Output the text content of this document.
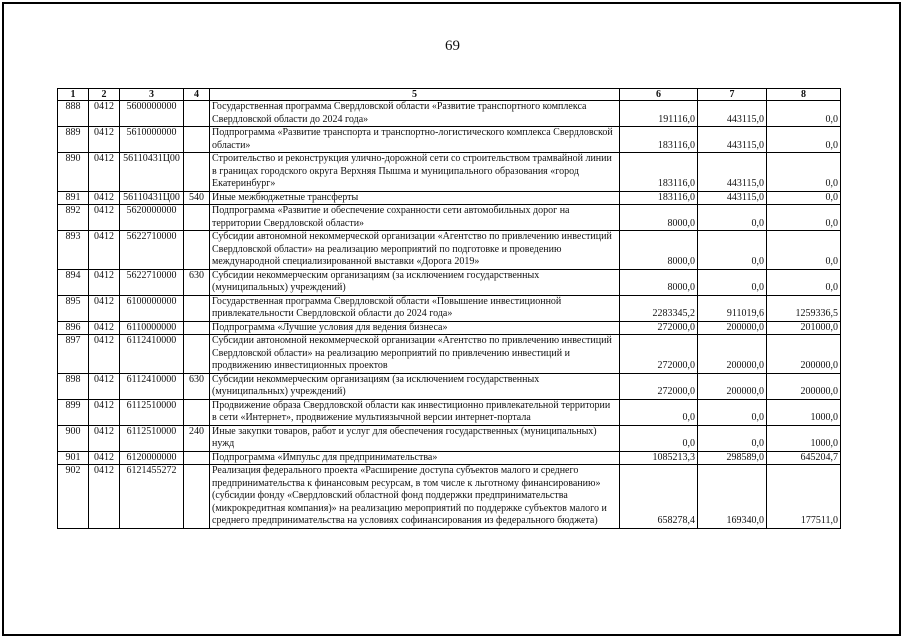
69
1	2	3	4	5	6	7	8
888	0412	5600000000		Государственная программа Свердловской области «Развитие транспортного комплекса Свердловской области до 2024 года»	191116,0	443115,0	0,0
889	0412	5610000000		Подпрограмма «Развитие транспорта и транспортно-логистического комплекса Свердловской области»	183116,0	443115,0	0,0
890	0412	56110431Ц00		Строительство и реконструкция улично-дорожной сети со строительством трамвайной линии в границах городского округа Верхняя Пышма и муниципального образования «город Екатеринбург»	183116,0	443115,0	0,0
891	0412	56110431Ц00	540	Иные межбюджетные трансферты	183116,0	443115,0	0,0
892	0412	5620000000		Подпрограмма «Развитие и обеспечение сохранности сети автомобильных дорог на территории Свердловской области»	8000,0	0,0	0,0
893	0412	5622710000		Субсидии автономной некоммерческой организации «Агентство по привлечению инвестиций Свердловской области» на реализацию мероприятий по подготовке и проведению международной специализированной выставки «Дорога 2019»	8000,0	0,0	0,0
894	0412	5622710000	630	Субсидии некоммерческим организациям (за исключением государственных (муниципальных) учреждений)	8000,0	0,0	0,0
895	0412	6100000000		Государственная программа Свердловской области «Повышение инвестиционной привлекательности Свердловской области до 2024 года»	2283345,2	911019,6	1259336,5
896	0412	6110000000		Подпрограмма «Лучшие условия для ведения бизнеса»	272000,0	200000,0	201000,0
897	0412	6112410000		Субсидии автономной некоммерческой организации «Агентство по привлечению инвестиций Свердловской области» на реализацию мероприятий по привлечению инвестиций и продвижению инвестиционных проектов	272000,0	200000,0	200000,0
898	0412	6112410000	630	Субсидии некоммерческим организациям (за исключением государственных (муниципальных) учреждений)	272000,0	200000,0	200000,0
899	0412	6112510000		Продвижение образа Свердловской области как инвестиционно привлекательной территории в сети «Интернет», продвижение мультиязычной версии интернет-портала	0,0	0,0	1000,0
900	0412	6112510000	240	Иные закупки товаров, работ и услуг для обеспечения государственных (муниципальных) нужд	0,0	0,0	1000,0
901	0412	6120000000		Подпрограмма «Импульс для предпринимательства»	1085213,3	298589,0	645204,7
902	0412	6121455272		Реализация федерального проекта «Расширение доступа субъектов малого и среднего предпринимательства к финансовым ресурсам, в том числе к льготному финансированию» (субсидии фонду «Свердловский областной фонд поддержки предпринимательства (микрокредитная компания)» на реализацию мероприятий по поддержке субъектов малого и среднего предпринимательства на условиях софинансирования из федерального бюджета)	658278,4	169340,0	177511,0
